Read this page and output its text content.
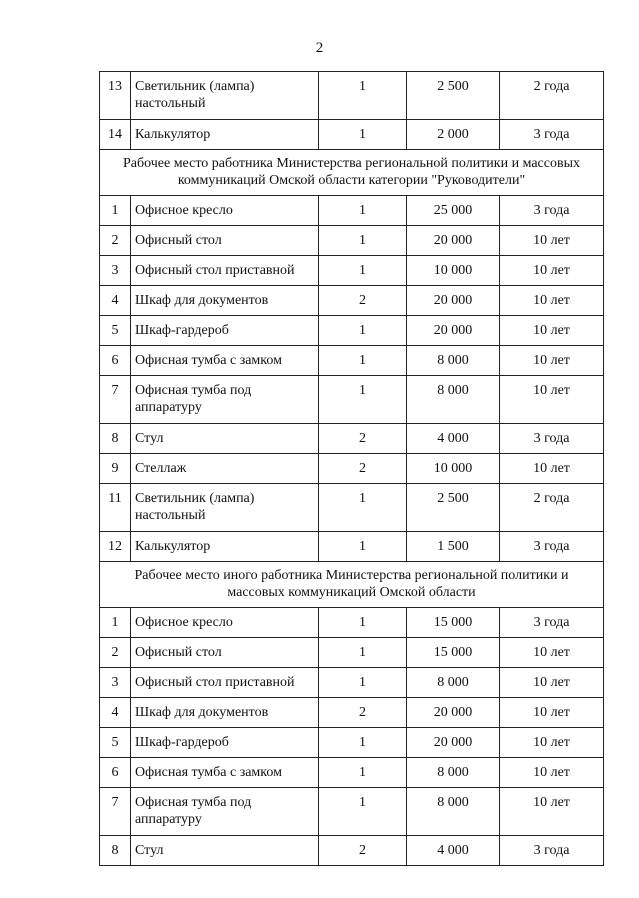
2
13	Светильник (лампа) настольный	1	2 500	2 года
14	Калькулятор	1	2 000	3 года
Рабочее место работника Министерства региональной политики и массовых коммуникаций Омской области категории "Руководители"				
1	Офисное кресло	1	25 000	3 года
2	Офисный стол	1	20 000	10 лет
3	Офисный стол приставной	1	10 000	10 лет
4	Шкаф для документов	2	20 000	10 лет
5	Шкаф-гардероб	1	20 000	10 лет
6	Офисная тумба с замком	1	8 000	10 лет
7	Офисная тумба под аппаратуру	1	8 000	10 лет
8	Стул	2	4 000	3 года
9	Стеллаж	2	10 000	10 лет
11	Светильник (лампа) настольный	1	2 500	2 года
12	Калькулятор	1	1 500	3 года
Рабочее место иного работника Министерства региональной политики и массовых коммуникаций Омской области				
1	Офисное кресло	1	15 000	3 года
2	Офисный стол	1	15 000	10 лет
3	Офисный стол приставной	1	8 000	10 лет
4	Шкаф для документов	2	20 000	10 лет
5	Шкаф-гардероб	1	20 000	10 лет
6	Офисная тумба с замком	1	8 000	10 лет
7	Офисная тумба под аппаратуру	1	8 000	10 лет
8	Стул	2	4 000	3 года
